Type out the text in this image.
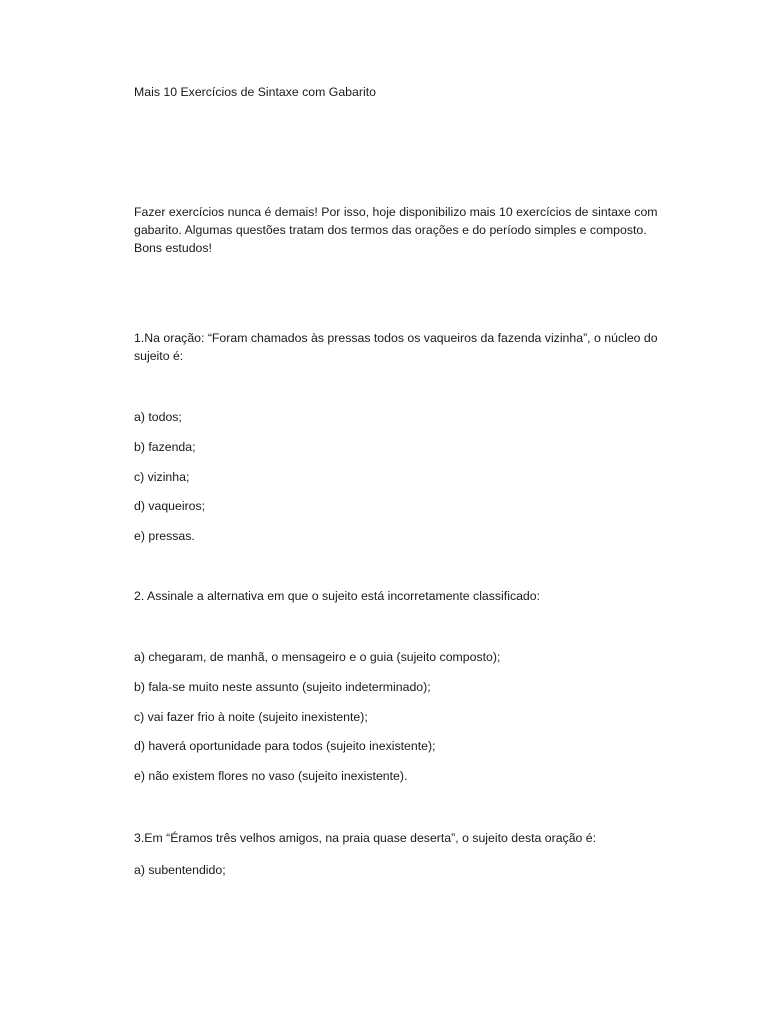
Mais 10 Exercícios de Sintaxe com Gabarito

Fazer exercícios nunca é demais! Por isso, hoje disponibilizo mais 10 exercícios de sintaxe com

gabarito. Algumas questões tratam dos termos das orações e do período simples e composto.

Bons estudos!

1.Na oração: “Foram chamados às pressas todos os vaqueiros da fazenda vizinha”, o núcleo do

sujeito é:

a) todos;

b) fazenda;

c) vizinha;

d) vaqueiros;

e) pressas.

2. Assinale a alternativa em que o sujeito está incorretamente classificado:

a) chegaram, de manhã, o mensageiro e o guia (sujeito composto);

b) fala-se muito neste assunto (sujeito indeterminado);

c) vai fazer frio à noite (sujeito inexistente);

d) haverá oportunidade para todos (sujeito inexistente);

e) não existem flores no vaso (sujeito inexistente).

3.Em “Éramos três velhos amigos, na praia quase deserta”, o sujeito desta oração é:

a) subentendido;
